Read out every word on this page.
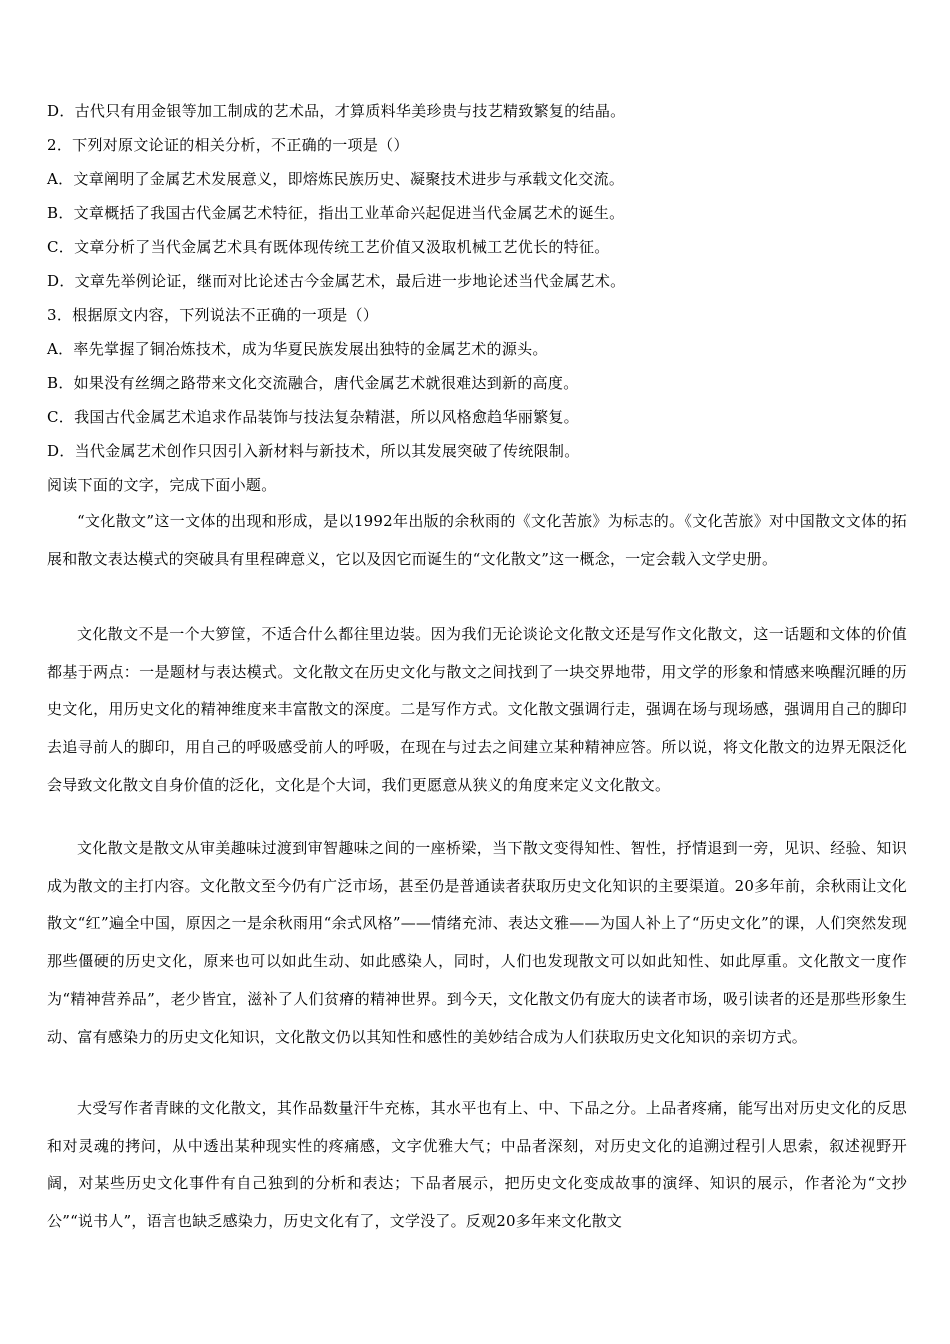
D．古代只有用金银等加工制成的艺术品，才算质料华美珍贵与技艺精致繁复的结晶。
2．下列对原文论证的相关分析，不正确的一项是（）
A．文章阐明了金属艺术发展意义，即熔炼民族历史、凝聚技术进步与承载文化交流。
B．文章概括了我国古代金属艺术特征，指出工业革命兴起促进当代金属艺术的诞生。
C．文章分析了当代金属艺术具有既体现传统工艺价值又汲取机械工艺优长的特征。
D．文章先举例论证，继而对比论述古今金属艺术，最后进一步地论述当代金属艺术。
3．根据原文内容，下列说法不正确的一项是（）
A．率先掌握了铜冶炼技术，成为华夏民族发展出独特的金属艺术的源头。
B．如果没有丝绸之路带来文化交流融合，唐代金属艺术就很难达到新的高度。
C．我国古代金属艺术追求作品装饰与技法复杂精湛，所以风格愈趋华丽繁复。
D．当代金属艺术创作只因引入新材料与新技术，所以其发展突破了传统限制。
阅读下面的文字，完成下面小题。

“文化散文”这一文体的出现和形成，是以1992年出版的余秋雨的《文化苦旅》为标志的。《文化苦旅》对中国散文文体的拓展和散文表达模式的突破具有里程碑意义，它以及因它而诞生的“文化散文”这一概念，一定会载入文学史册。

文化散文不是一个大箩筐，不适合什么都往里边装。因为我们无论谈论文化散文还是写作文化散文，这一话题和文体的价值都基于两点：一是题材与表达模式。文化散文在历史文化与散文之间找到了一块交界地带，用文学的形象和情感来唤醒沉睡的历史文化，用历史文化的精神维度来丰富散文的深度。二是写作方式。文化散文强调行走，强调在场与现场感，强调用自己的脚印去追寻前人的脚印，用自己的呼吸感受前人的呼吸，在现在与过去之间建立某种精神应答。所以说，将文化散文的边界无限泛化会导致文化散文自身价值的泛化，文化是个大词，我们更愿意从狭义的角度来定义文化散文。

文化散文是散文从审美趣味过渡到审智趣味之间的一座桥梁，当下散文变得知性、智性，抒情退到一旁，见识、经验、知识成为散文的主打内容。文化散文至今仍有广泛市场，甚至仍是普通读者获取历史文化知识的主要渠道。20多年前，余秋雨让文化散文“红”遍全中国，原因之一是余秋雨用“余式风格”——情绪充沛、表达文雅——为国人补上了“历史文化”的课，人们突然发现那些僵硬的历史文化，原来也可以如此生动、如此感染人，同时，人们也发现散文可以如此知性、如此厚重。文化散文一度作为“精神营养品”，老少皆宜，滋补了人们贫瘠的精神世界。到今天，文化散文仍有庞大的读者市场，吸引读者的还是那些形象生动、富有感染力的历史文化知识，文化散文仍以其知性和感性的美妙结合成为人们获取历史文化知识的亲切方式。

大受写作者青睐的文化散文，其作品数量汗牛充栋，其水平也有上、中、下品之分。上品者疼痛，能写出对历史文化的反思和对灵魂的拷问，从中透出某种现实性的疼痛感，文字优雅大气；中品者深刻，对历史文化的追溯过程引人思索，叙述视野开阔，对某些历史文化事件有自己独到的分析和表达；下品者展示，把历史文化变成故事的演绎、知识的展示，作者沦为“文抄公”“说书人”，语言也缺乏感染力，历史文化有了，文学没了。反观20多年来文化散文
